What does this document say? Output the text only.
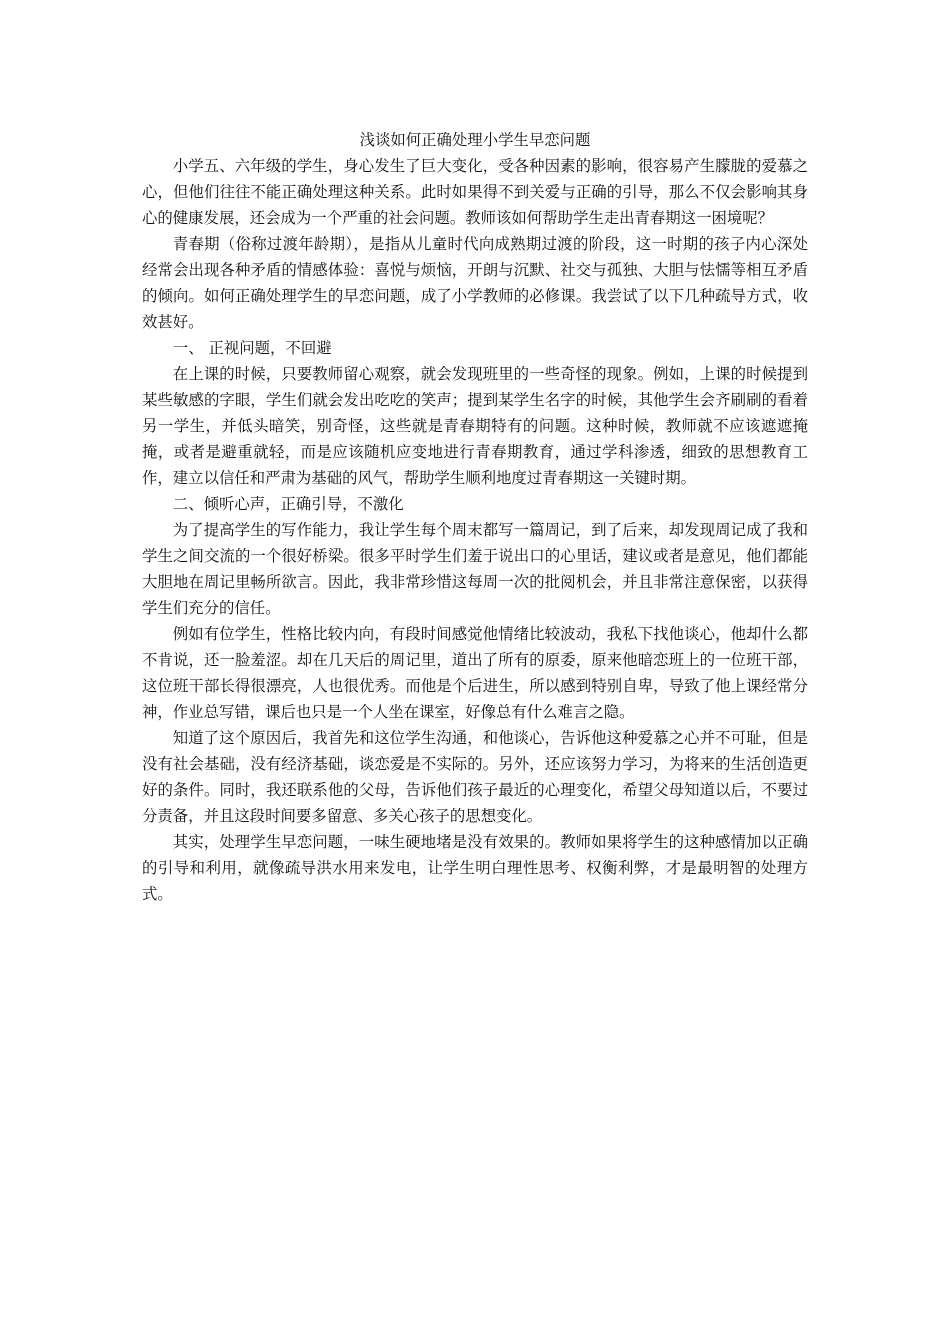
浅谈如何正确处理小学生早恋问题

小学五、六年级的学生，身心发生了巨大变化，受各种因素的影响，很容易产生朦胧的爱慕之心，但他们往往不能正确处理这种关系。此时如果得不到关爱与正确的引导，那么不仅会影响其身心的健康发展，还会成为一个严重的社会问题。教师该如何帮助学生走出青春期这一困境呢？

青春期（俗称过渡年龄期），是指从儿童时代向成熟期过渡的阶段，这一时期的孩子内心深处经常会出现各种矛盾的情感体验：喜悦与烦恼，开朗与沉默、社交与孤独、大胆与怯懦等相互矛盾的倾向。如何正确处理学生的早恋问题，成了小学教师的必修课。我尝试了以下几种疏导方式，收效甚好。

一、 正视问题，不回避

在上课的时候，只要教师留心观察，就会发现班里的一些奇怪的现象。例如，上课的时候提到某些敏感的字眼，学生们就会发出吃吃的笑声；提到某学生名字的时候，其他学生会齐刷刷的看着另一学生，并低头暗笑，别奇怪，这些就是青春期特有的问题。这种时候，教师就不应该遮遮掩掩，或者是避重就轻，而是应该随机应变地进行青春期教育，通过学科渗透，细致的思想教育工作，建立以信任和严肃为基础的风气，帮助学生顺利地度过青春期这一关键时期。

二、倾听心声，正确引导，不激化

为了提高学生的写作能力，我让学生每个周末都写一篇周记，到了后来，却发现周记成了我和学生之间交流的一个很好桥梁。很多平时学生们羞于说出口的心里话，建议或者是意见，他们都能大胆地在周记里畅所欲言。因此，我非常珍惜这每周一次的批阅机会，并且非常注意保密，以获得学生们充分的信任。

例如有位学生，性格比较内向，有段时间感觉他情绪比较波动，我私下找他谈心，他却什么都不肯说，还一脸羞涩。却在几天后的周记里，道出了所有的原委，原来他暗恋班上的一位班干部，这位班干部长得很漂亮，人也很优秀。而他是个后进生，所以感到特别自卑，导致了他上课经常分神，作业总写错，课后也只是一个人坐在课室，好像总有什么难言之隐。

知道了这个原因后，我首先和这位学生沟通，和他谈心，告诉他这种爱慕之心并不可耻，但是没有社会基础，没有经济基础，谈恋爱是不实际的。另外，还应该努力学习，为将来的生活创造更好的条件。同时，我还联系他的父母，告诉他们孩子最近的心理变化，希望父母知道以后，不要过分责备，并且这段时间要多留意、多关心孩子的思想变化。

其实，处理学生早恋问题，一味生硬地堵是没有效果的。教师如果将学生的这种感情加以正确的引导和利用，就像疏导洪水用来发电，让学生明白理性思考、权衡利弊，才是最明智的处理方式。
